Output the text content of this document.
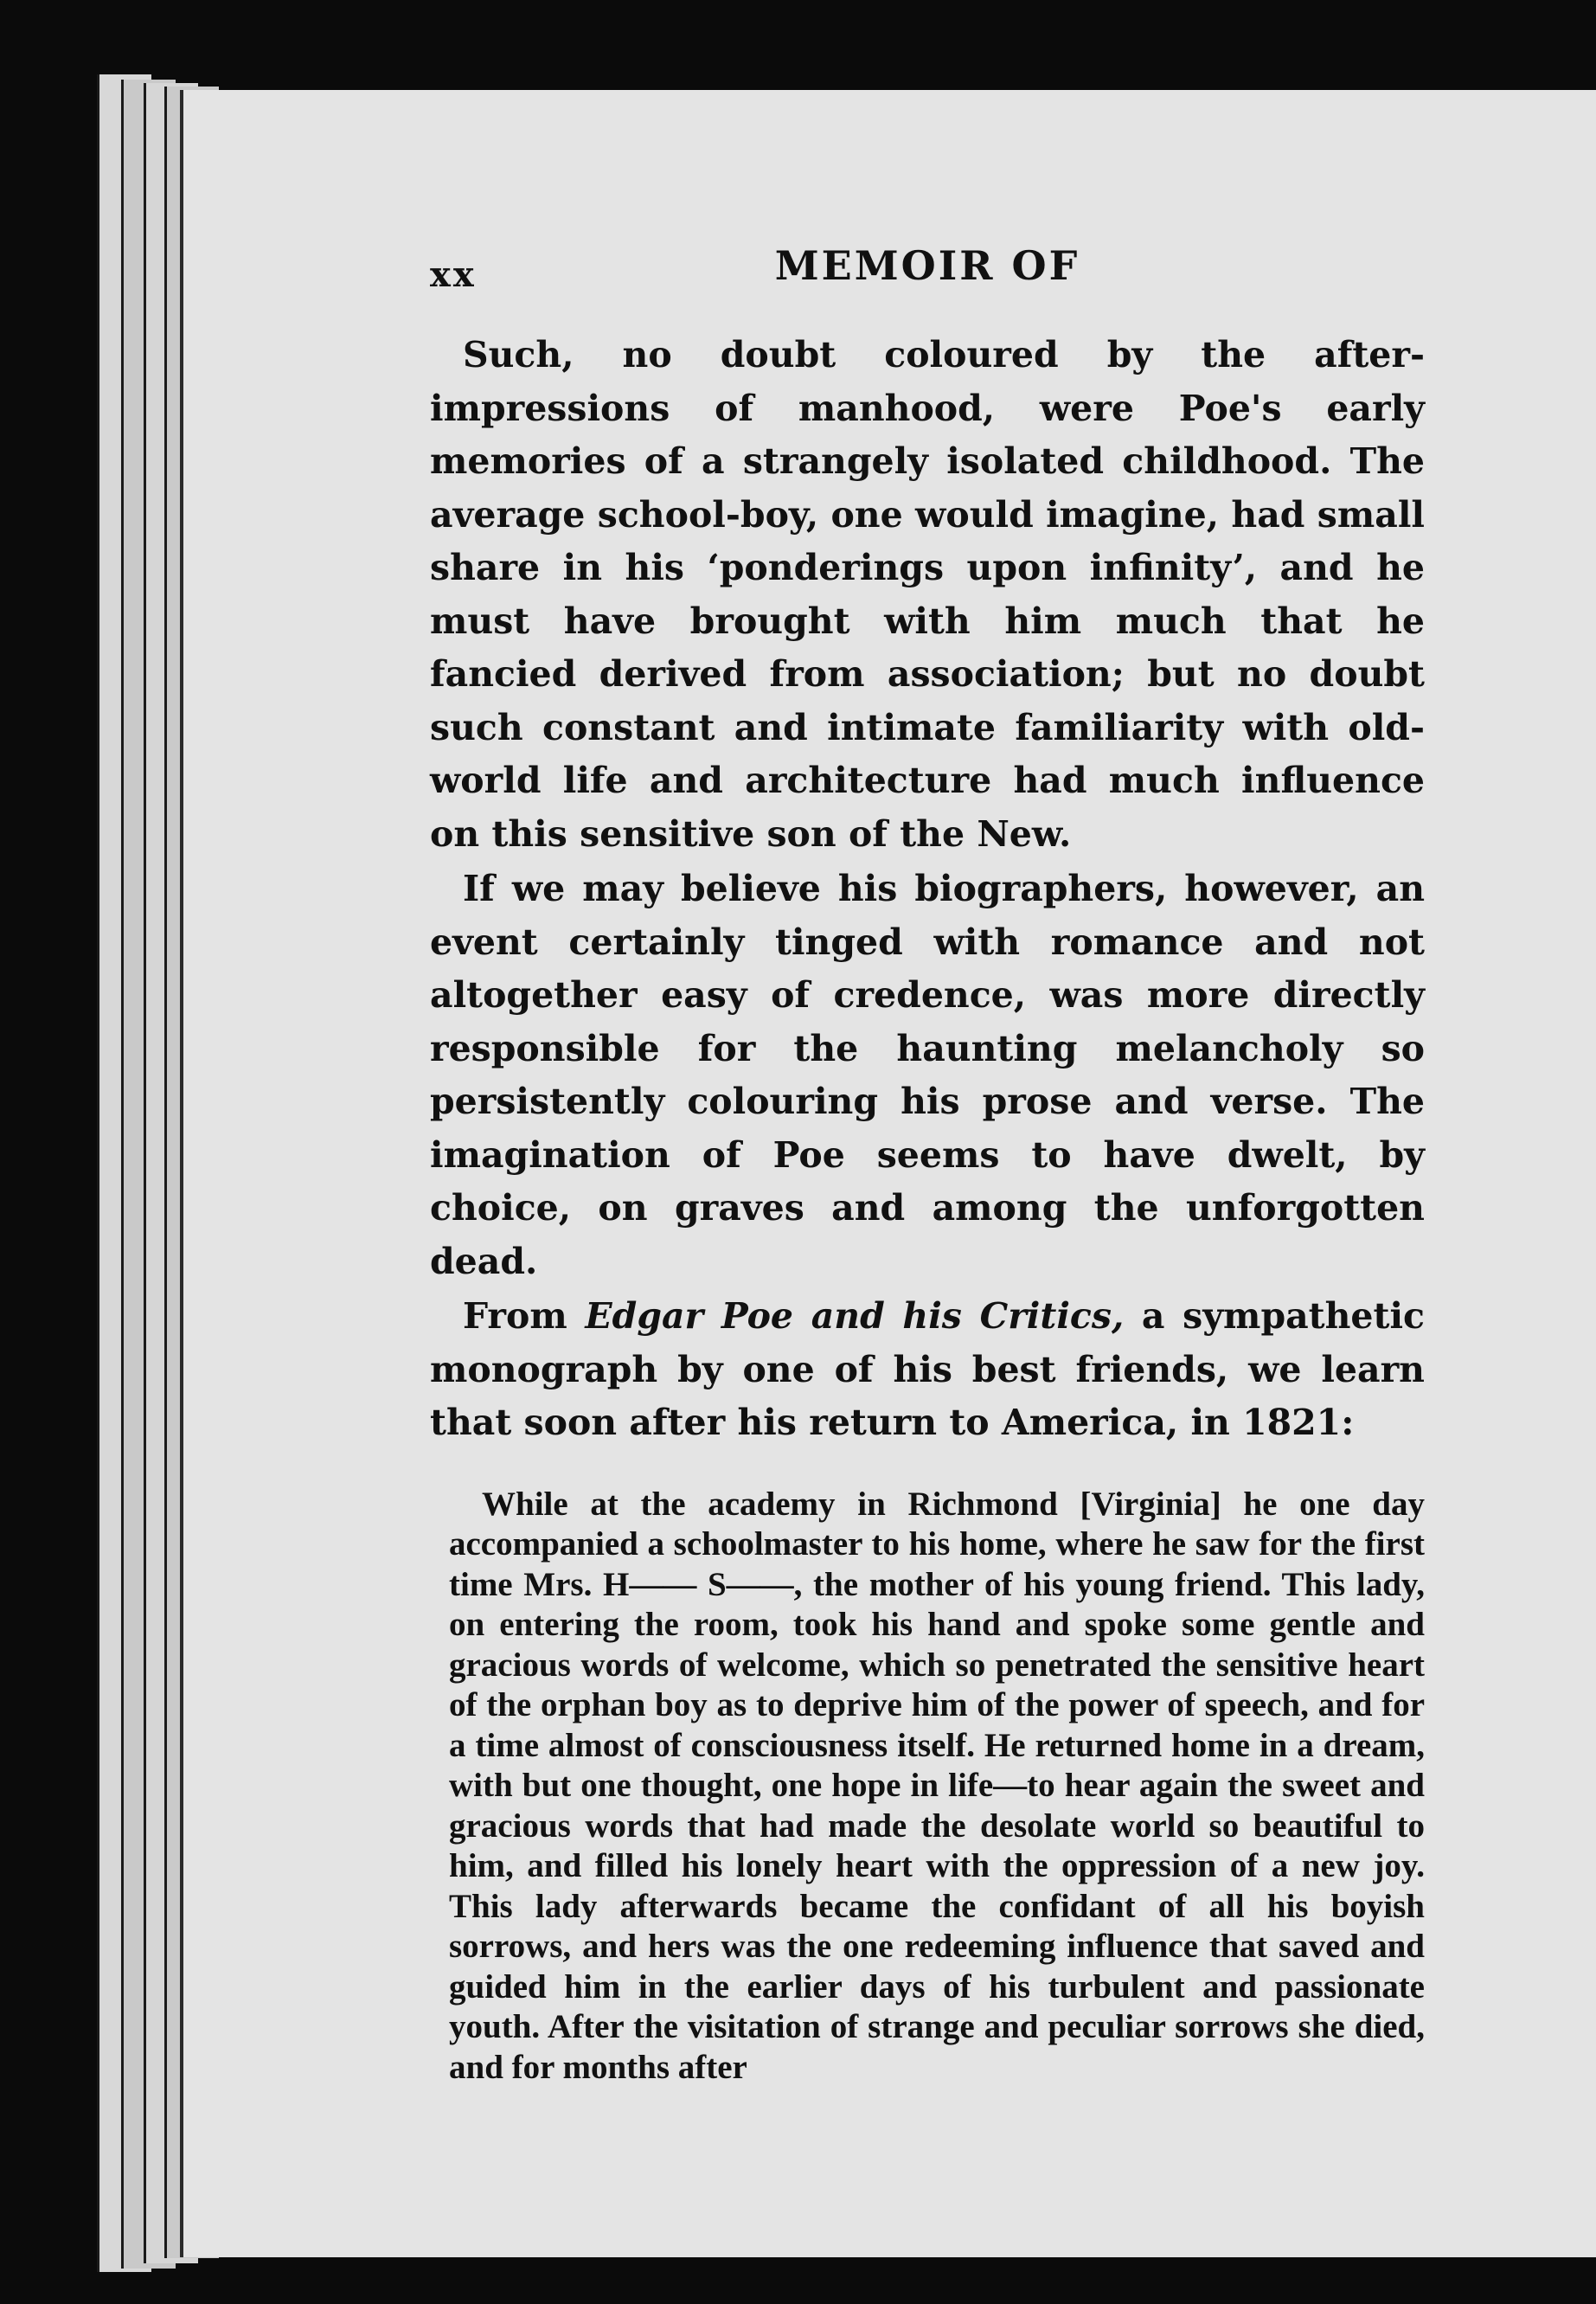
xx	MEMOIR OF

Such, no doubt coloured by the after-impressions of manhood, were Poe's early memories of a strangely isolated childhood. The average school-boy, one would imagine, had small share in his ‘ponderings upon infinity’, and he must have brought with him much that he fancied derived from association; but no doubt such constant and intimate familiarity with old-world life and architecture had much influence on this sensitive son of the New.

If we may believe his biographers, however, an event certainly tinged with romance and not altogether easy of credence, was more directly responsible for the haunting melancholy so persistently colouring his prose and verse. The imagination of Poe seems to have dwelt, by choice, on graves and among the unforgotten dead.

From Edgar Poe and his Critics, a sympathetic monograph by one of his best friends, we learn that soon after his return to America, in 1821:

While at the academy in Richmond [Virginia] he one day accompanied a schoolmaster to his home, where he saw for the first time Mrs. H—— S——, the mother of his young friend. This lady, on entering the room, took his hand and spoke some gentle and gracious words of welcome, which so penetrated the sensitive heart of the orphan boy as to deprive him of the power of speech, and for a time almost of consciousness itself. He returned home in a dream, with but one thought, one hope in life—to hear again the sweet and gracious words that had made the desolate world so beautiful to him, and filled his lonely heart with the oppression of a new joy. This lady afterwards became the confidant of all his boyish sorrows, and hers was the one redeeming influence that saved and guided him in the earlier days of his turbulent and passionate youth. After the visitation of strange and peculiar sorrows she died, and for months after
